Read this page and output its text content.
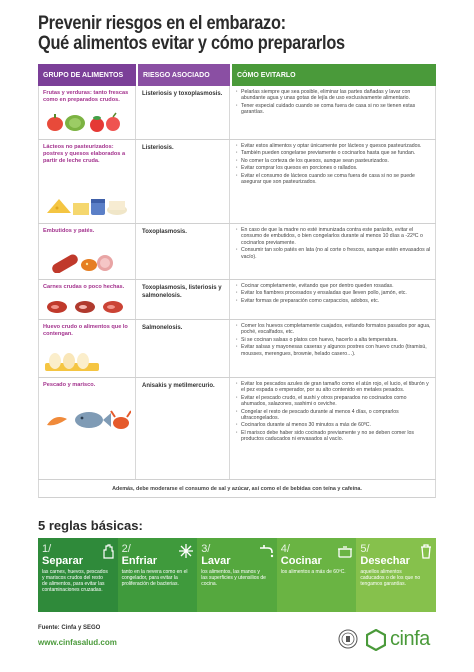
Prevenir riesgos en el embarazo:
Qué alimentos evitar y cómo prepararlos
GRUPO DE ALIMENTOS	RIESGO ASOCIADO	CÓMO EVITARLO
Frutas y verduras: tanto frescas como en preparados crudos.
Listeriosis y toxoplasmosis.	· Pelarlas siempre que sea posible, eliminar las partes dañadas y lavar con abundante agua y unas gotas de lejía de uso exclusivamente alimentario.
· Tener especial cuidado cuando se coma fuera de casa si no se tienen estas garantías.
Lácteos no pasteurizados: postres y quesos elaborados a partir de leche cruda.
Listeriosis.	· Evitar estos alimentos y optar únicamente por lácteos y quesos pasteurizados.
· También pueden congelarse previamente o cocinarlos hasta que se fundan.
· No comer la corteza de los quesos, aunque sean pasteurizados.
· Evitar comprar los quesos en porciones o rallados.
· Evitar el consumo de lácteos cuando se coma fuera de casa si no se puede asegurar que son pasteurizados.
Embutidos y patés.	Toxoplasmosis.	· En caso de que la madre no esté inmunizada contra este parásito, evitar el consumo de embutidos, o bien congelarlos durante al menos 10 días a -22ºC o cocinarlos previamente.
· Consumir tan solo patés en lata (no al corte o frescos, aunque estén envasados al vacío).
Carnes crudas o poco hechas.	Toxoplasmosis, listeriosis y salmonelosis.
· Cocinar completamente, evitando que por dentro queden rosadas.
· Evitar los fiambres procesados y ensaladas que lleven pollo, jamón, etc.
· Evitar formas de preparación como carpaccios, adobos, etc.
Huevo crudo o alimentos que lo contengan.
Salmonelosis.	· Comer los huevos completamente cuajados, evitando formatos pasados por agua, poché, escalfados, etc.
· Si se cocinan salsas o platos con huevo, hacerlo a alta temperatura.
· Evitar salsas y mayonesas caseras y algunos postres con huevo crudo (tiramisú, mousses, merengues, brownie, helado casero…).
Pescado y marisco.	Anisakis y metilmercurio.	· Evitar los pescados azules de gran tamaño como el atún rojo, el lucio, el tiburón y el pez espada o emperador, por su alto contenido en metales pesados.
· Evitar el pescado crudo, el sushi y otros preparados no cocinados como ahumados, salazones, sashimi o ceviche.
· Congelar el resto de pescado durante al menos 4 días, o comprarlos ultracongelados.
· Cocinarlos durante al menos 30 minutos a más de 60ºC.
· El marisco debe haber sido cocinado previamente y no se deben comer los productos caducados ni envasados al vacío.
Además, debe moderarse el consumo de sal y azúcar, así como el de bebidas con teína y cafeína.
5 reglas básicas:
1/
Separar
las carnes, huevos, pescados y mariscos crudos del resto de alimentos, para evitar las contaminaciones cruzadas.
2/
Enfriar
tanto en la nevera como en el congelador, para evitar la proliferación de bacterias.
3/
Lavar
los alimentos, las manos y las superficies y utensilios de cocina.
4/
Cocinar
los alimentos a más de 60ºC.
5/
Desechar
aquellos alimentos caducados o de los que no tengamos garantías.
Fuente: Cinfa y SEGO
www.cinfasalud.com	cinfa
